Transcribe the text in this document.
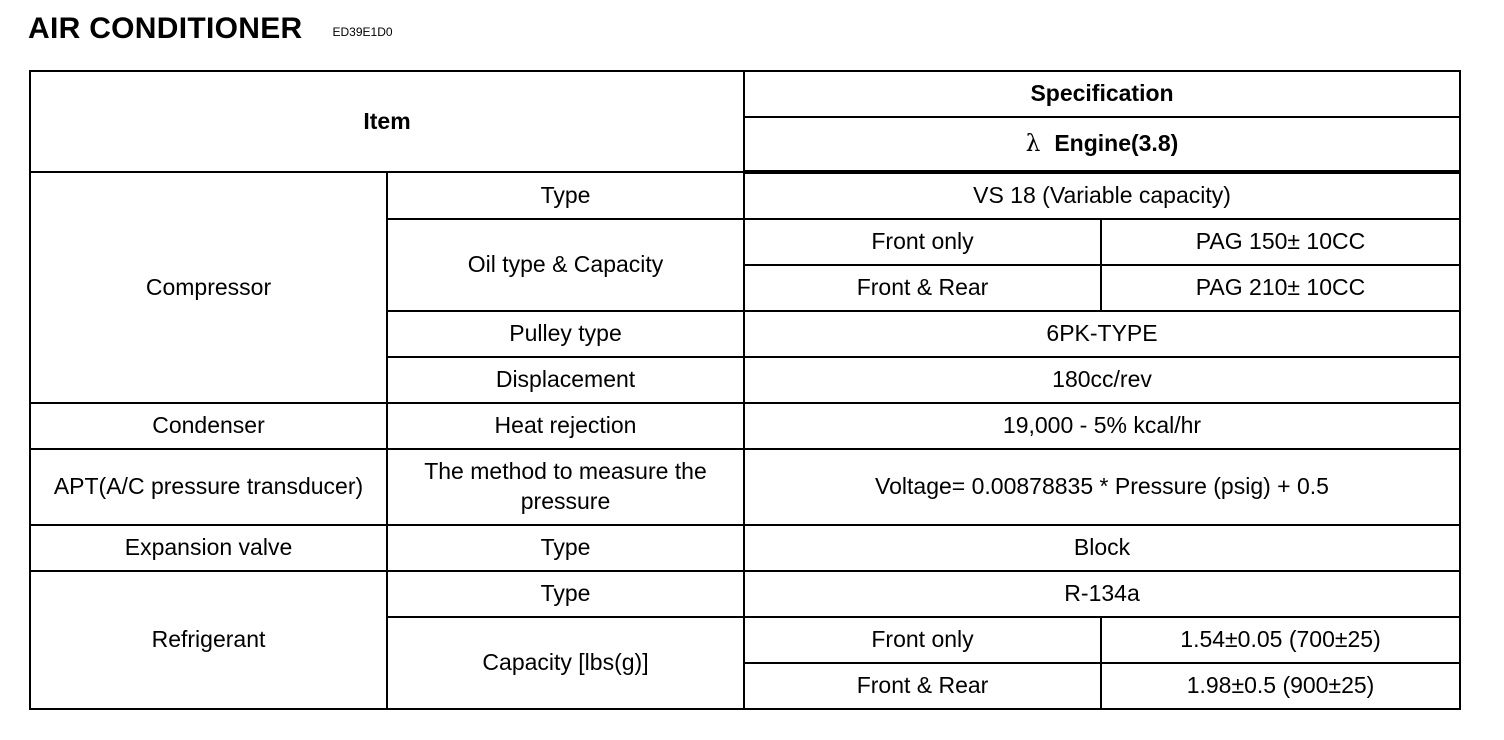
AIR CONDITIONER	ED39E1D0
Item		Specification	
		λ Engine(3.8)	
Compressor	Type	VS 18 (Variable capacity)	
	Oil type & Capacity	Front only	PAG 150± 10CC
		Front & Rear	PAG 210± 10CC
	Pulley type	6PK-TYPE	
	Displacement	180cc/rev	
Condenser	Heat rejection	19,000 - 5% kcal/hr	
APT(A/C pressure transducer)	The method to measure the pressure	Voltage= 0.00878835 * Pressure (psig) + 0.5	
Expansion valve	Type	Block	
Refrigerant	Type	R-134a	
	Capacity [lbs(g)]	Front only	1.54±0.05 (700±25)
		Front & Rear	1.98±0.5 (900±25)
